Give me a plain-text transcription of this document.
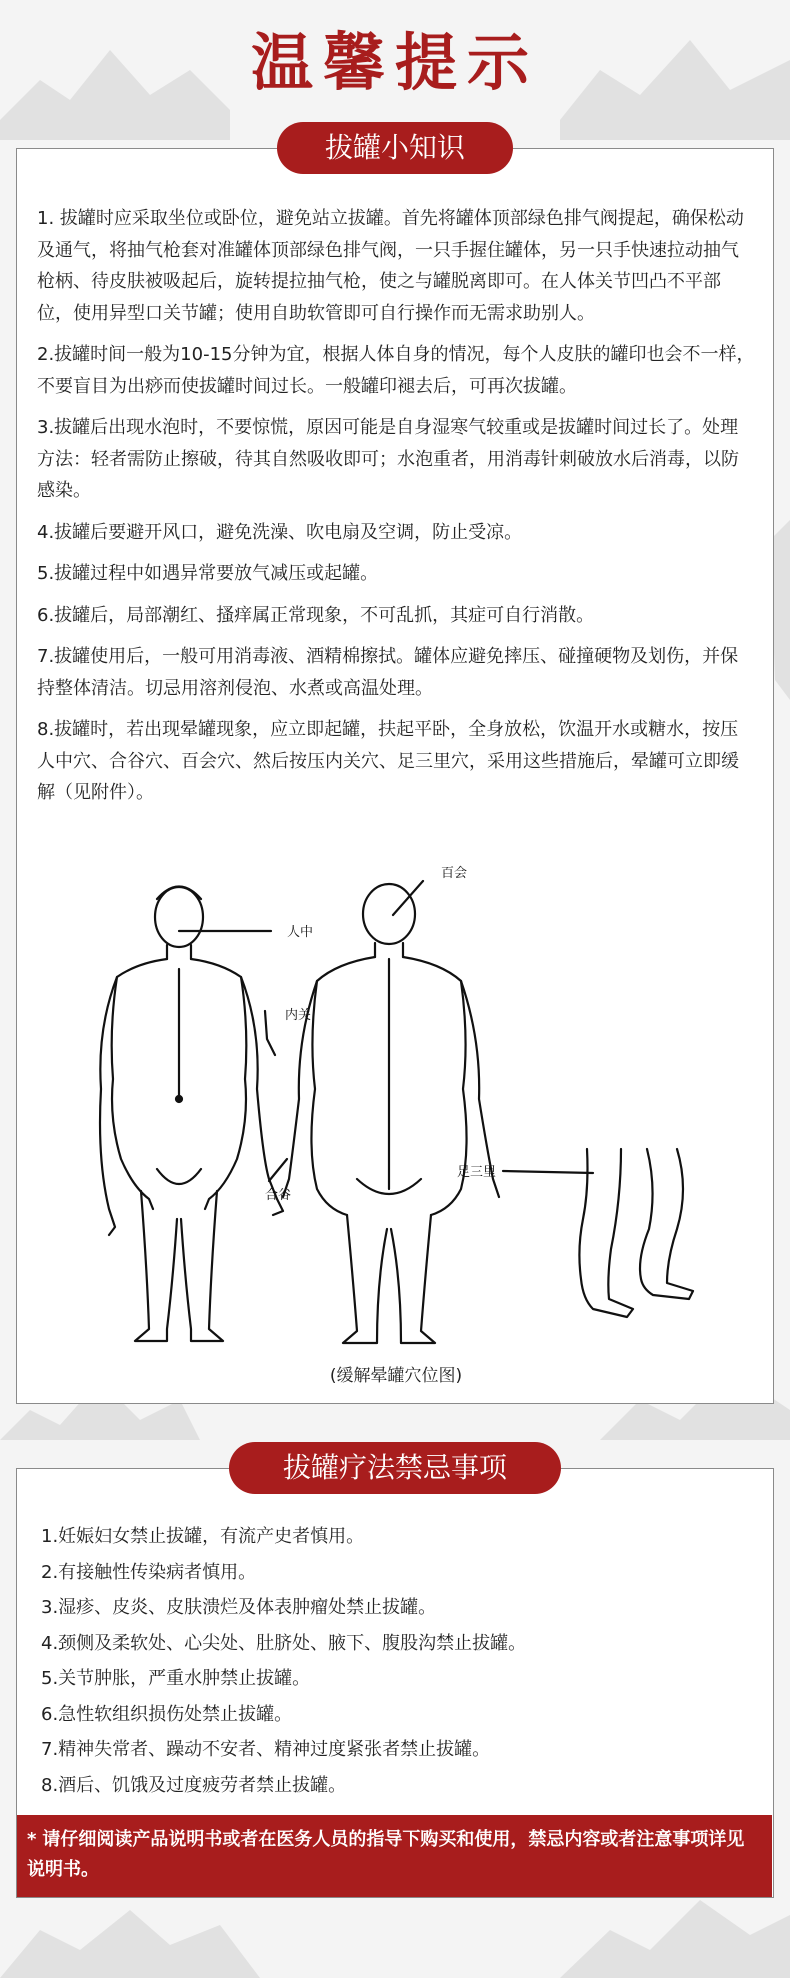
温馨提示
1. 拔罐时应采取坐位或卧位，避免站立拔罐。首先将罐体顶部绿色排气阀提起，确保松动及通气，将抽气枪套对准罐体顶部绿色排气阀，一只手握住罐体，另一只手快速拉动抽气枪柄、待皮肤被吸起后，旋转提拉抽气枪，使之与罐脱离即可。在人体关节凹凸不平部位，使用异型口关节罐；使用自助软管即可自行操作而无需求助别人。
2.拔罐时间一般为10-15分钟为宜，根据人体自身的情况，每个人皮肤的罐印也会不一样，不要盲目为出痧而使拔罐时间过长。一般罐印褪去后，可再次拔罐。
3.拔罐后出现水泡时，不要惊慌，原因可能是自身湿寒气较重或是拔罐时间过长了。处理方法：轻者需防止擦破，待其自然吸收即可；水泡重者，用消毒针刺破放水后消毒，以防感染。
4.拔罐后要避开风口，避免洗澡、吹电扇及空调，防止受凉。
5.拔罐过程中如遇异常要放气减压或起罐。
6.拔罐后，局部潮红、搔痒属正常现象，不可乱抓，其症可自行消散。
7.拔罐使用后，一般可用消毒液、酒精棉擦拭。罐体应避免摔压、碰撞硬物及划伤，并保持整体清洁。切忌用溶剂侵泡、水煮或高温处理。
8.拔罐时，若出现晕罐现象，应立即起罐，扶起平卧，全身放松，饮温开水或糖水，按压人中穴、合谷穴、百会穴、然后按压内关穴、足三里穴，采用这些措施后，晕罐可立即缓解（见附件）。
人中
内关
合谷
百会
足三里
(缓解晕罐穴位图)
拔罐小知识
1.妊娠妇女禁止拔罐，有流产史者慎用。
2.有接触性传染病者慎用。
3.湿疹、皮炎、皮肤溃烂及体表肿瘤处禁止拔罐。
4.颈侧及柔软处、心尖处、肚脐处、腋下、腹股沟禁止拔罐。
5.关节肿胀，严重水肿禁止拔罐。
6.急性软组织损伤处禁止拔罐。
7.精神失常者、躁动不安者、精神过度紧张者禁止拔罐。
8.酒后、饥饿及过度疲劳者禁止拔罐。
* 请仔细阅读产品说明书或者在医务人员的指导下购买和使用，禁忌内容或者注意事项详见说明书。
拔罐疗法禁忌事项
